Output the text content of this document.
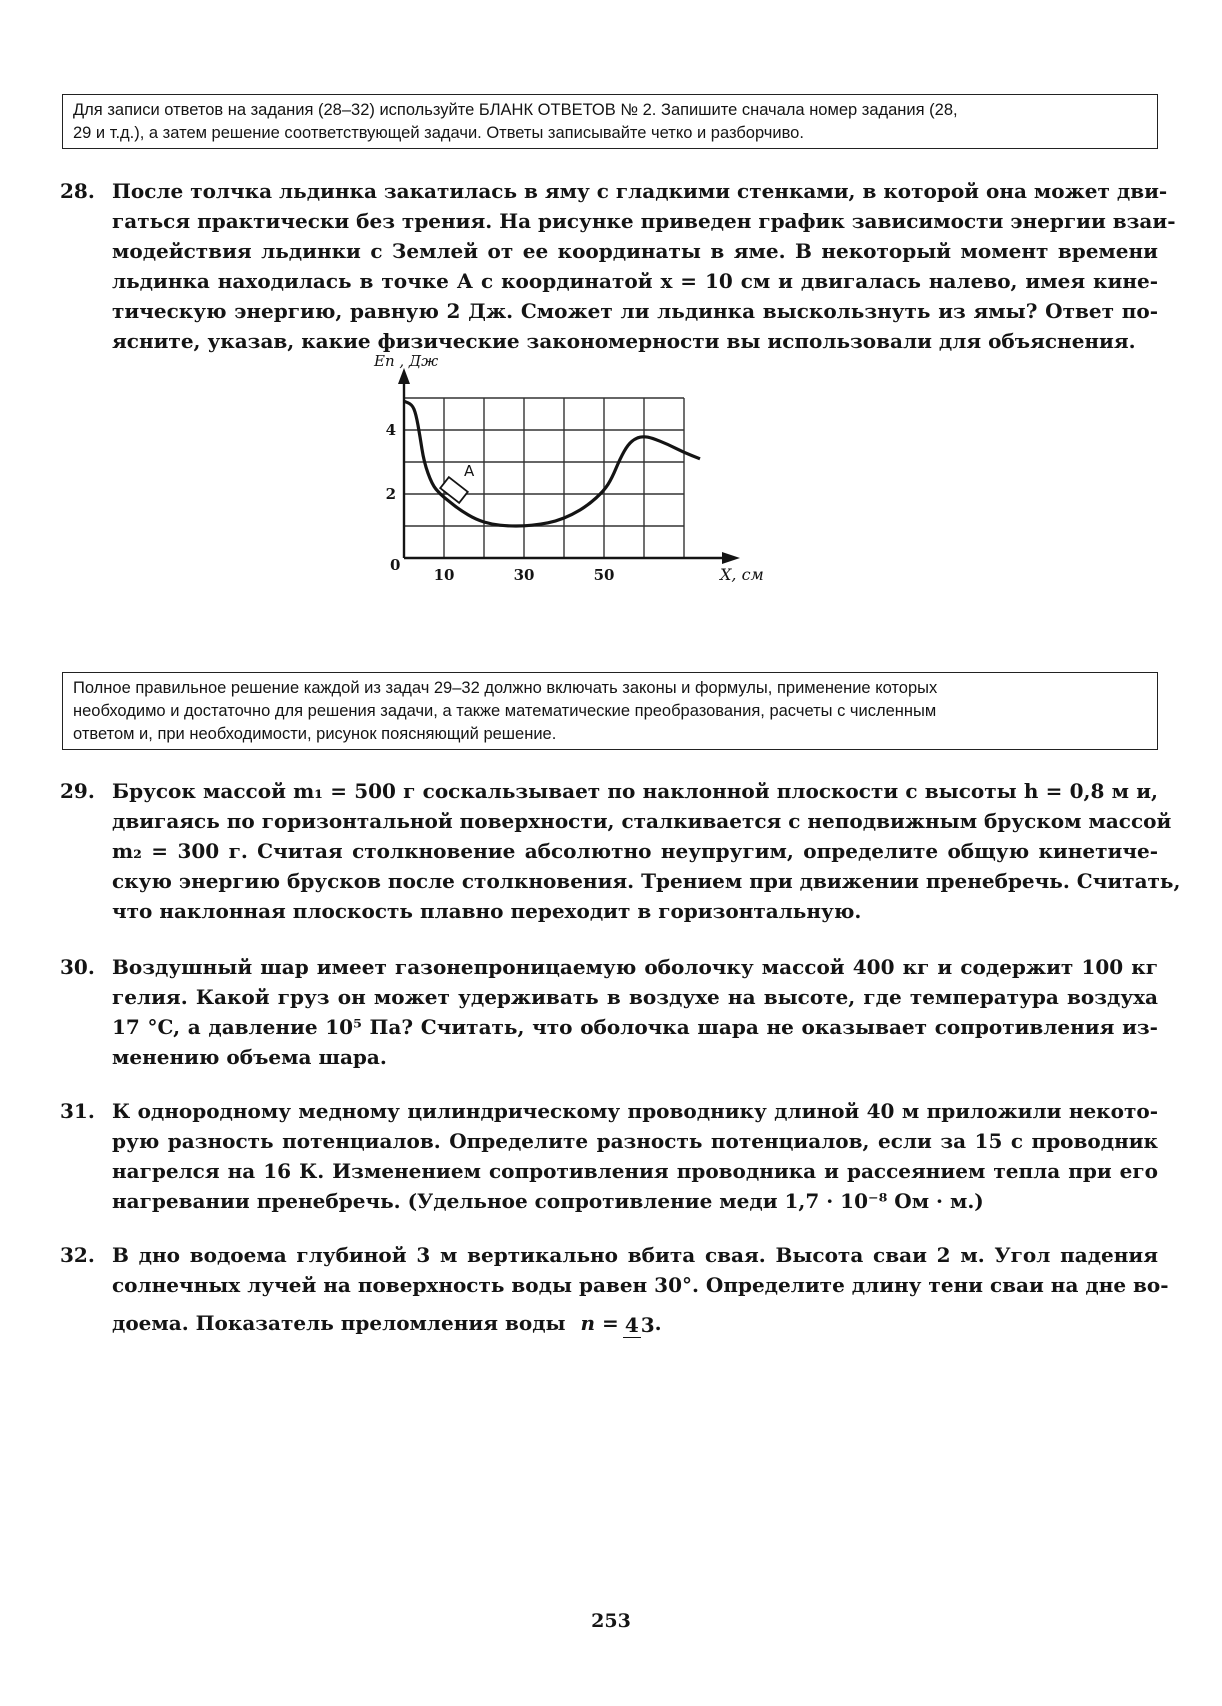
Для записи ответов на задания (28–32) используйте БЛАНК ОТВЕТОВ № 2. Запишите сначала номер задания (28,

29 и т.д.), а затем решение соответствующей задачи. Ответы записывайте четко и разборчиво.

28. После толчка льдинка закатилась в яму с гладкими стенками, в которой она может дви-
гаться практически без трения. На рисунке приведен график зависимости энергии взаи-
модействия льдинки с Землей от ее координаты в яме. В некоторый момент времени
льдинка находилась в точке А с координатой x = 10 см и двигалась налево, имея кине-
тическую энергию, равную 2 Дж. Сможет ли льдинка выскользнуть из ямы? Ответ по-
ясните, указав, какие физические закономерности вы использовали для объяснения.
10	30	50
2
4
Eп , Дж
X, см
0
A

Полное правильное решение каждой из задач 29–32 должно включать законы и формулы, применение которых

необходимо и достаточно для решения задачи, а также математические преобразования, расчеты с численным

ответом и, при необходимости, рисунок поясняющий решение.

29. Брусок массой m₁ = 500 г соскальзывает по наклонной плоскости с высоты h = 0,8 м и,
двигаясь по горизонтальной поверхности, сталкивается с неподвижным бруском массой
m₂ = 300 г. Считая столкновение абсолютно неупругим, определите общую кинетиче-
скую энергию брусков после столкновения. Трением при движении пренебречь. Считать,
что наклонная плоскость плавно переходит в горизонтальную.
30. Воздушный шар имеет газонепроницаемую оболочку массой 400 кг и содержит 100 кг
гелия. Какой груз он может удерживать в воздухе на высоте, где температура воздуха
17 °C, а давление 10⁵ Па? Считать, что оболочка шара не оказывает сопротивления из-
менению объема шара.
31. К однородному медному цилиндрическому проводнику длиной 40 м приложили некото-
рую разность потенциалов. Определите разность потенциалов, если за 15 с проводник
нагрелся на 16 К. Изменением сопротивления проводника и рассеянием тепла при его
нагревании пренебречь. (Удельное сопротивление меди 1,7 · 10⁻⁸ Ом · м.)
32. В дно водоема глубиной 3 м вертикально вбита свая. Высота сваи 2 м. Угол падения
солнечных лучей на поверхность воды равен 30°. Определите длину тени сваи на дне во-
доема. Показатель преломления воды n = 4 3.
253
